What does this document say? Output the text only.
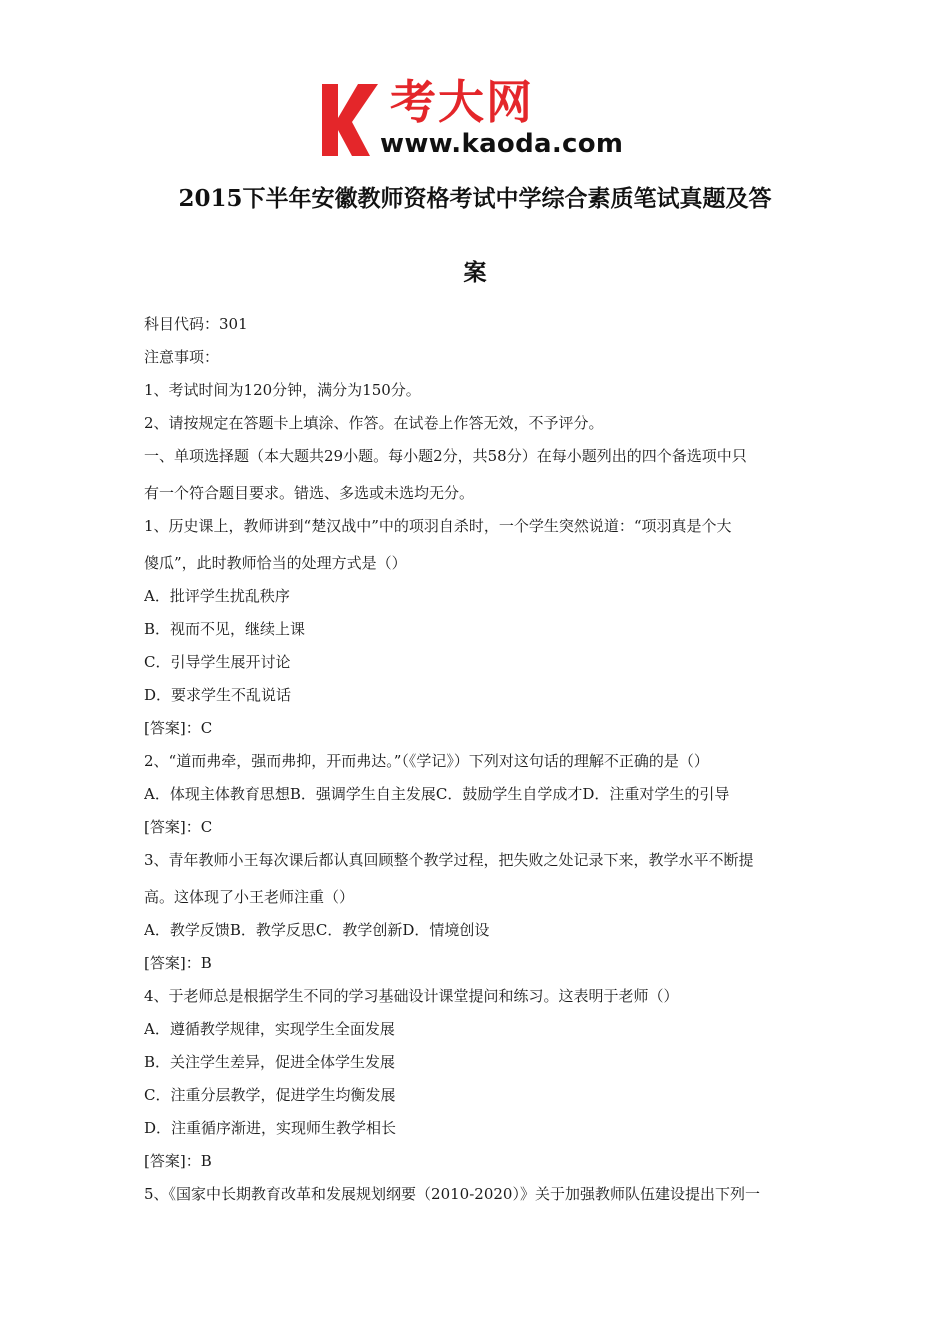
考大网
www.kaoda.com
2015下半年安徽教师资格考试中学综合素质笔试真题及答
案
科目代码：301
注意事项：
1、考试时间为120分钟，满分为150分。
2、请按规定在答题卡上填涂、作答。在试卷上作答无效，不予评分。
一、单项选择题（本大题共29小题。每小题2分，共58分）在每小题列出的四个备选项中只
有一个符合题目要求。错选、多选或未选均无分。
1、历史课上，教师讲到“楚汉战中”中的项羽自杀时，一个学生突然说道：“项羽真是个大
傻瓜”，此时教师恰当的处理方式是（）
A．批评学生扰乱秩序
B．视而不见，继续上课
C．引导学生展开讨论
D．要求学生不乱说话
[答案]：C
2、“道而弗牵，强而弗抑，开而弗达。”（《学记》）下列对这句话的理解不正确的是（）
A．体现主体教育思想B．强调学生自主发展C．鼓励学生自学成才D．注重对学生的引导
[答案]：C
3、青年教师小王每次课后都认真回顾整个教学过程，把失败之处记录下来，教学水平不断提
高。这体现了小王老师注重（）
A．教学反馈B．教学反思C．教学创新D．情境创设
[答案]：B
4、于老师总是根据学生不同的学习基础设计课堂提问和练习。这表明于老师（）
A．遵循教学规律，实现学生全面发展
B．关注学生差异，促进全体学生发展
C．注重分层教学，促进学生均衡发展
D．注重循序渐进，实现师生教学相长
[答案]：B
5、《国家中长期教育改革和发展规划纲要（2010-2020）》关于加强教师队伍建设提出下列一
